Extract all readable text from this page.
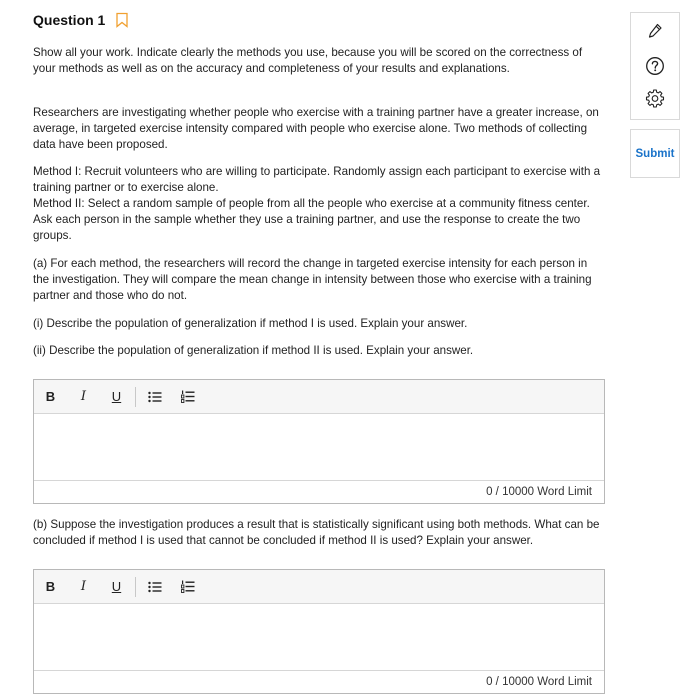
Question 1

Show all your work. Indicate clearly the methods you use, because you will be scored on the correctness of your methods as well as on the accuracy and completeness of your results and explanations.

Researchers are investigating whether people who exercise with a training partner have a greater increase, on average, in targeted exercise intensity compared with people who exercise alone. Two methods of collecting data have been proposed.

Method I: Recruit volunteers who are willing to participate. Randomly assign each participant to exercise with a training partner or to exercise alone.

Method II: Select a random sample of people from all the people who exercise at a community fitness center. Ask each person in the sample whether they use a training partner, and use the response to create the two groups.

(a) For each method, the researchers will record the change in targeted exercise intensity for each person in the investigation. They will compare the mean change in intensity between those who exercise with a training partner and those who do not.

(i) Describe the population of generalization if method I is used. Explain your answer.

(ii) Describe the population of generalization if method II is used. Explain your answer.

B	I	U
0 / 10000 Word Limit

(b) Suppose the investigation produces a result that is statistically significant using both methods. What can be concluded if method I is used that cannot be concluded if method II is used? Explain your answer.

B	I	U
0 / 10000 Word Limit
Submit
